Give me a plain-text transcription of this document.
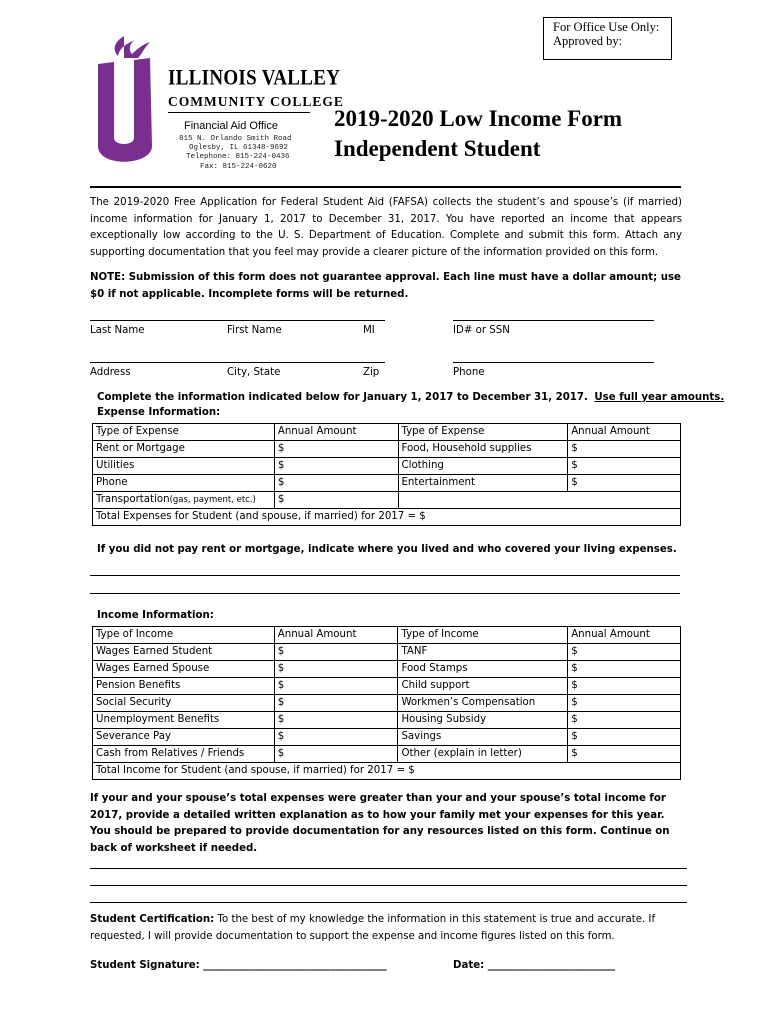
For Office Use Only:
Approved by:
ILLINOIS VALLEY
COMMUNITY COLLEGE
Financial Aid Office
815 N. Orlando Smith Road
Oglesby, IL 61348-9692
Telephone: 815-224-0436
Fax: 815-224-0620
2019-2020 Low Income Form
Independent Student
The 2019-2020 Free Application for Federal Student Aid (FAFSA) collects the student’s and spouse’s (if married) income information for January 1, 2017 to December 31, 2017. You have reported an income that appears exceptionally low according to the U. S. Department of Education. Complete and submit this form. Attach any supporting documentation that you feel may provide a clearer picture of the information provided on this form.
NOTE: Submission of this form does not guarantee approval. Each line must have a dollar amount; use $0 if not applicable. Incomplete forms will be returned.
Last Name	First Name	MI	ID# or SSN
Address	City, State	Zip	Phone
Complete the information indicated below for January 1, 2017 to December 31, 2017. Use full year amounts.
Expense Information:
Type of Expense	Annual Amount	Type of Expense	Annual Amount
Rent or Mortgage	$	Food, Household supplies	$
Utilities	$	Clothing	$
Phone	$	Entertainment	$
Transportation(gas, payment, etc.)	$		
Total Expenses for Student (and spouse, if married) for 2017 = $			
If you did not pay rent or mortgage, indicate where you lived and who covered your living expenses.
Income Information:
Type of Income	Annual Amount	Type of Income	Annual Amount
Wages Earned Student	$	TANF	$
Wages Earned Spouse	$	Food Stamps	$
Pension Benefits	$	Child support	$
Social Security	$	Workmen’s Compensation	$
Unemployment Benefits	$	Housing Subsidy	$
Severance Pay	$	Savings	$
Cash from Relatives / Friends	$	Other (explain in letter)	$
Total Income for Student (and spouse, if married) for 2017 = $			
If your and your spouse’s total expenses were greater than your and your spouse’s total income for 2017, provide a detailed written explanation as to how your family met your expenses for this year. You should be prepared to provide documentation for any resources listed on this form. Continue on back of worksheet if needed.
Student Certification: To the best of my knowledge the information in this statement is true and accurate. If requested, I will provide documentation to support the expense and income figures listed on this form.
Student Signature: ____________________________________	Date: _________________________
